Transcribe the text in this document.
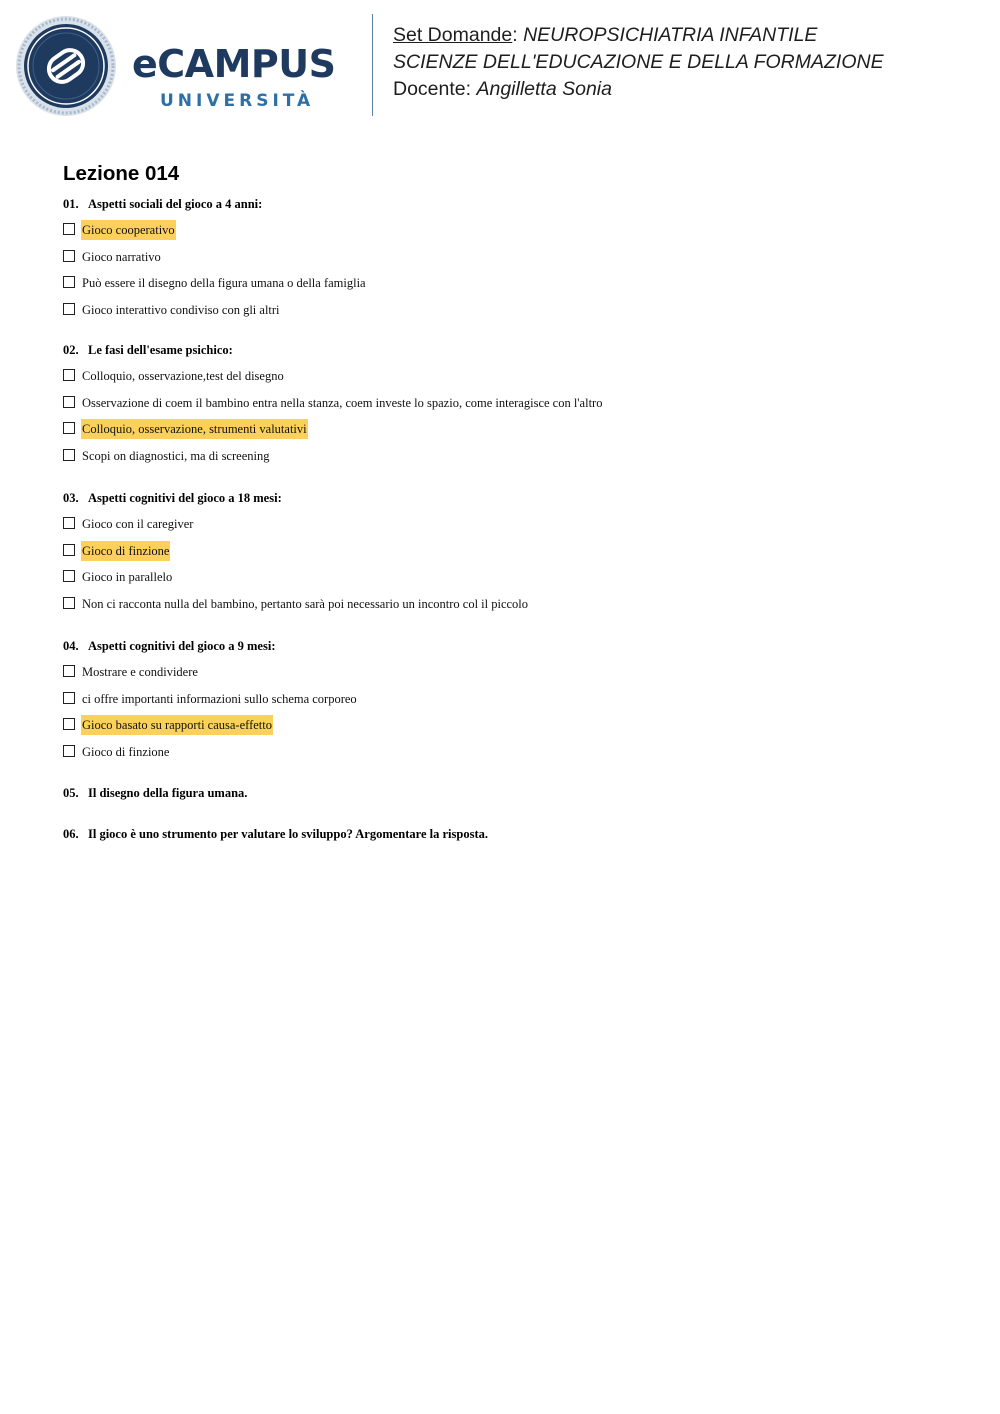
eCAMPUS
UNIVERSITÀ
Set Domande: NEUROPSICHIATRIA INFANTILE
SCIENZE DELL'EDUCAZIONE E DELLA FORMAZIONE
Docente: Angilletta Sonia
Lezione 014
01. Aspetti sociali del gioco a 4 anni:
Gioco cooperativo
Gioco narrativo
Può essere il disegno della figura umana o della famiglia
Gioco interattivo condiviso con gli altri
02. Le fasi dell'esame psichico:
Colloquio, osservazione,test del disegno
Osservazione di coem il bambino entra nella stanza, coem investe lo spazio, come interagisce con l'altro
Colloquio, osservazione, strumenti valutativi
Scopi on diagnostici, ma di screening
03. Aspetti cognitivi del gioco a 18 mesi:
Gioco con il caregiver
Gioco di finzione
Gioco in parallelo
Non ci racconta nulla del bambino, pertanto sarà poi necessario un incontro col il piccolo
04. Aspetti cognitivi del gioco a 9 mesi:
Mostrare e condividere
ci offre importanti informazioni sullo schema corporeo
Gioco basato su rapporti causa-effetto
Gioco di finzione
05. Il disegno della figura umana.
06. Il gioco è uno strumento per valutare lo sviluppo? Argomentare la risposta.
